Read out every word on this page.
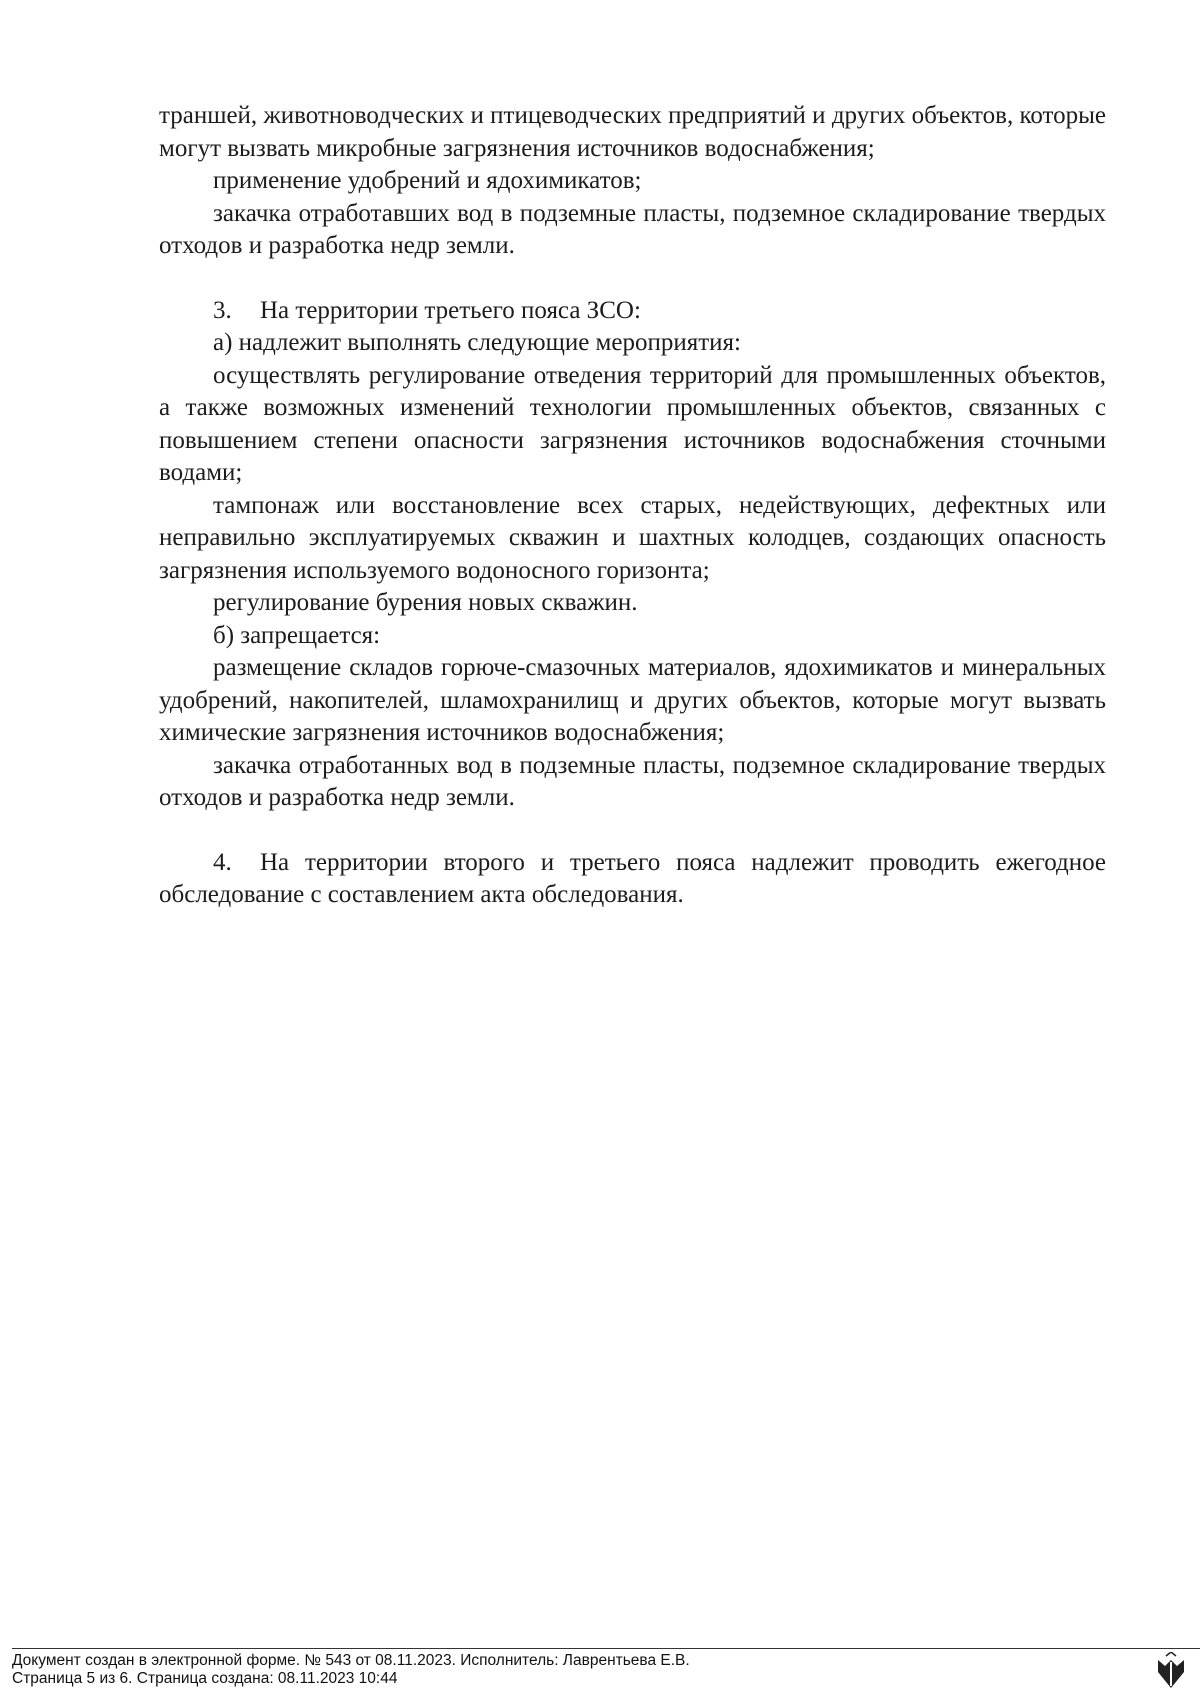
траншей, животноводческих и птицеводческих предприятий и других объектов, которые могут вызвать микробные загрязнения источников водоснабжения;

применение удобрений и ядохимикатов;

закачка отработавших вод в подземные пласты, подземное складирование твердых отходов и разработка недр земли.

3. На территории третьего пояса ЗСО:

а) надлежит выполнять следующие мероприятия:

осуществлять регулирование отведения территорий для промышленных объектов, а также возможных изменений технологии промышленных объектов, связанных с повышением степени опасности загрязнения источников водоснабжения сточными водами;

тампонаж или восстановление всех старых, недействующих, дефектных или неправильно эксплуатируемых скважин и шахтных колодцев, создающих опасность загрязнения используемого водоносного горизонта;

регулирование бурения новых скважин.

б) запрещается:

размещение складов горюче-смазочных материалов, ядохимикатов и минеральных удобрений, накопителей, шламохранилищ и других объектов, которые могут вызвать химические загрязнения источников водоснабжения;

закачка отработанных вод в подземные пласты, подземное складирование твердых отходов и разработка недр земли.

4. На территории второго и третьего пояса надлежит проводить ежегодное обследование с составлением акта обследования.

Документ создан в электронной форме. № 543 от 08.11.2023. Исполнитель: Лаврентьева Е.В.
Страница 5 из 6. Страница создана: 08.11.2023 10:44
